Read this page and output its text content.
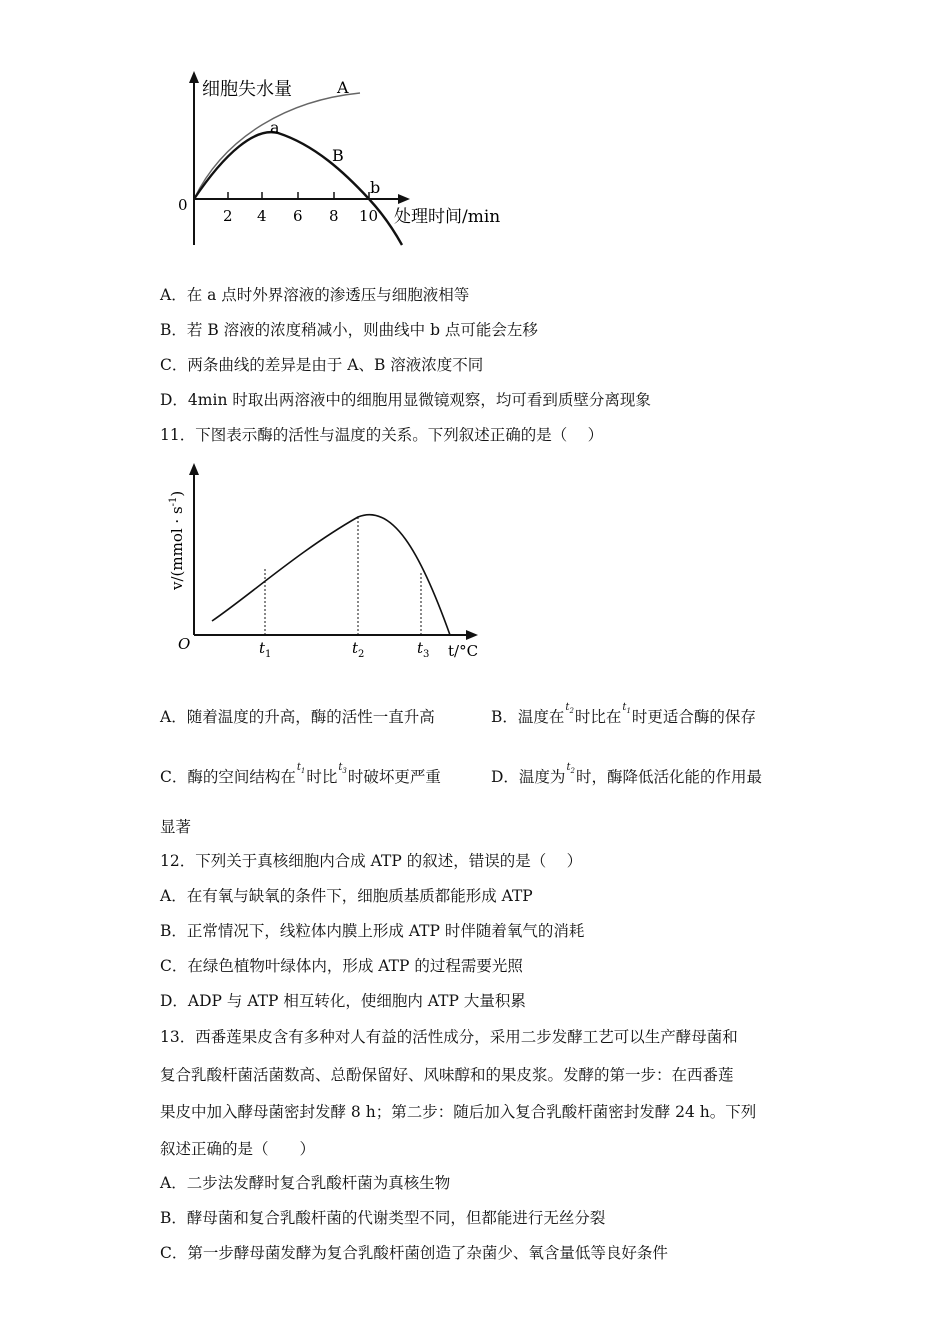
细胞失水量
处理时间/min
0
2 4 6 8 10
A
B
a
b
A．在 a 点时外界溶液的渗透压与细胞液相等
B．若 B 溶液的浓度稍减小，则曲线中 b 点可能会左移
C．两条曲线的差异是由于 A、B 溶液浓度不同
D．4min 时取出两溶液中的细胞用显微镜观察，均可看到质壁分离现象
11．下图表示酶的活性与温度的关系。下列叙述正确的是（　 ）
v/(mmol · $s^{-1}$)
O	$t_1$	$t_2$	$t_3$ t/°C
A．随着温度的升高，酶的活性一直升高	B．温度在$^{t_2}$时比在$^{t_1}$时更适合酶的保存
C．酶的空间结构在$^{t_1}$时比$^{t_3}$时破坏更严重	D．温度为$^{t_2}$时，酶降低活化能的作用最
显著
12．下列关于真核细胞内合成 ATP 的叙述，错误的是（　 ）
A．在有氧与缺氧的条件下，细胞质基质都能形成 ATP
B．正常情况下，线粒体内膜上形成 ATP 时伴随着氧气的消耗
C．在绿色植物叶绿体内，形成 ATP 的过程需要光照
D．ADP 与 ATP 相互转化，使细胞内 ATP 大量积累
13．西番莲果皮含有多种对人有益的活性成分，采用二步发酵工艺可以生产酵母菌和
复合乳酸杆菌活菌数高、总酚保留好、风味醇和的果皮浆。发酵的第一步：在西番莲
果皮中加入酵母菌密封发酵 8 h；第二步：随后加入复合乳酸杆菌密封发酵 24 h。下列
叙述正确的是（　　）
A．二步法发酵时复合乳酸杆菌为真核生物
B．酵母菌和复合乳酸杆菌的代谢类型不同，但都能进行无丝分裂
C．第一步酵母菌发酵为复合乳酸杆菌创造了杂菌少、氧含量低等良好条件
